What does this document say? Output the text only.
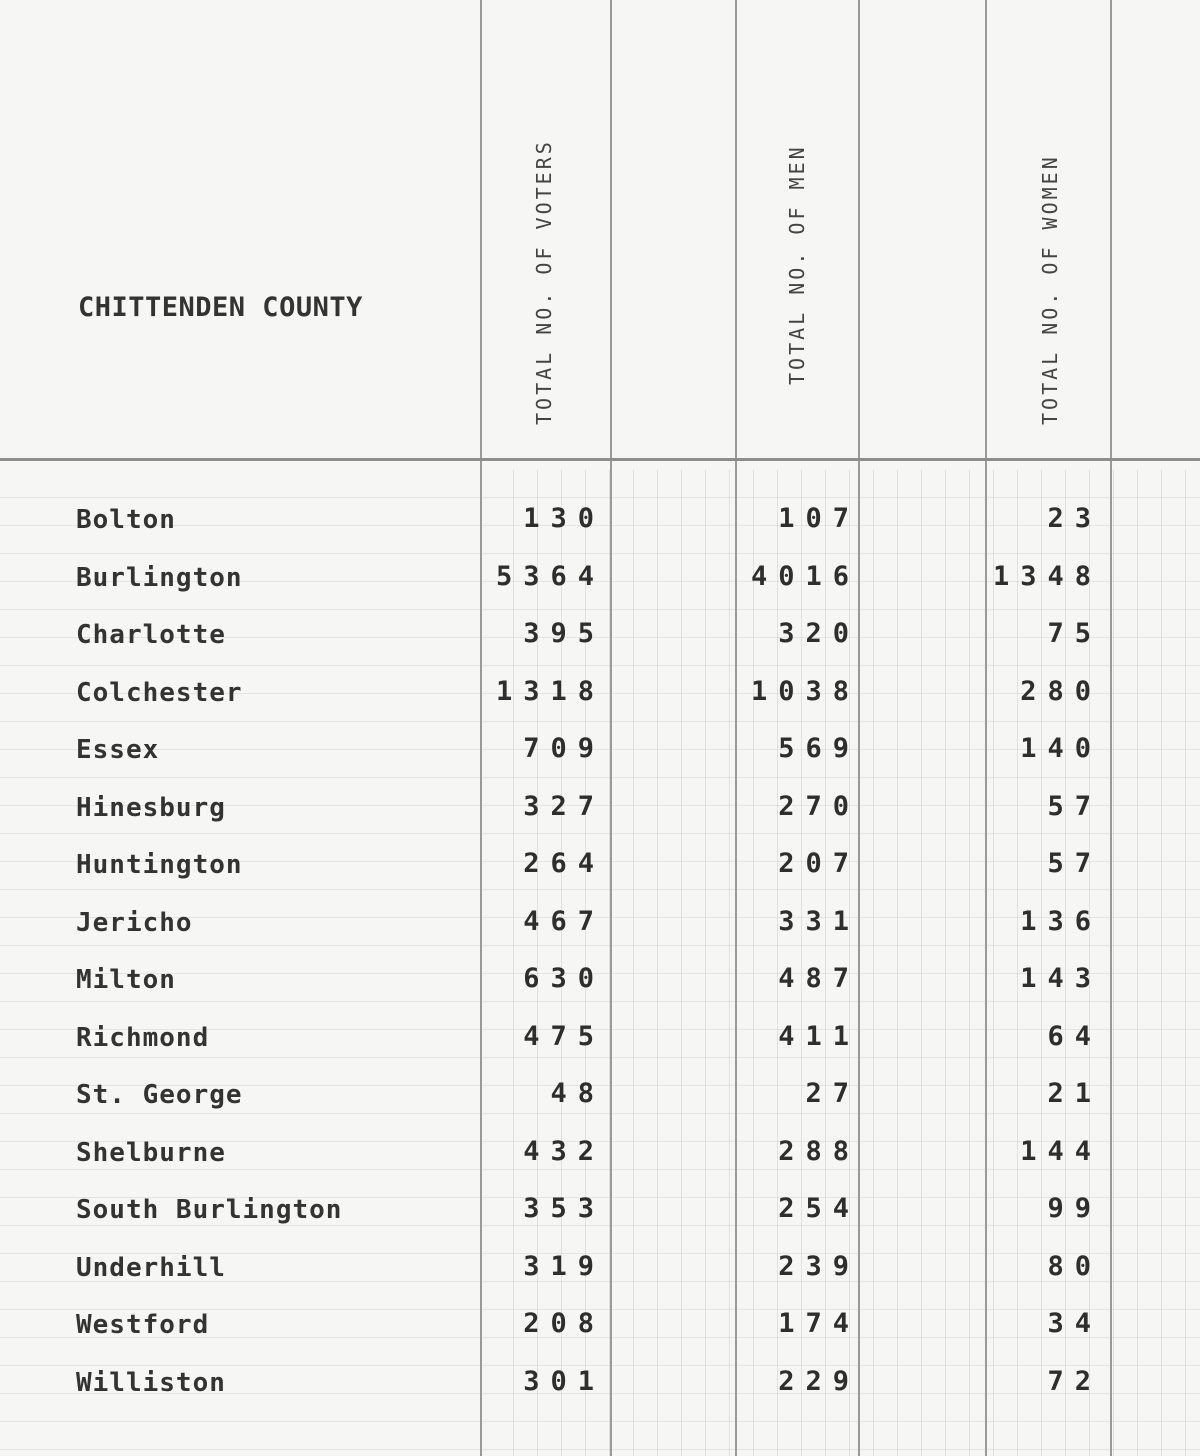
CHITTENDEN COUNTY	TOTAL NO. OF VOTERS	TOTAL NO. OF MEN	TOTAL NO. OF WOMEN
Bolton	130	107	23
Burlington	5364	4016	1348
Charlotte	395	320	75
Colchester	1318	1038	280
Essex	709	569	140
Hinesburg	327	270	57
Huntington	264	207	57
Jericho	467	331	136
Milton	630	487	143
Richmond	475	411	64
St. George	48	27	21
Shelburne	432	288	144
South Burlington	353	254	99
Underhill	319	239	80
Westford	208	174	34
Williston	301	229	72
